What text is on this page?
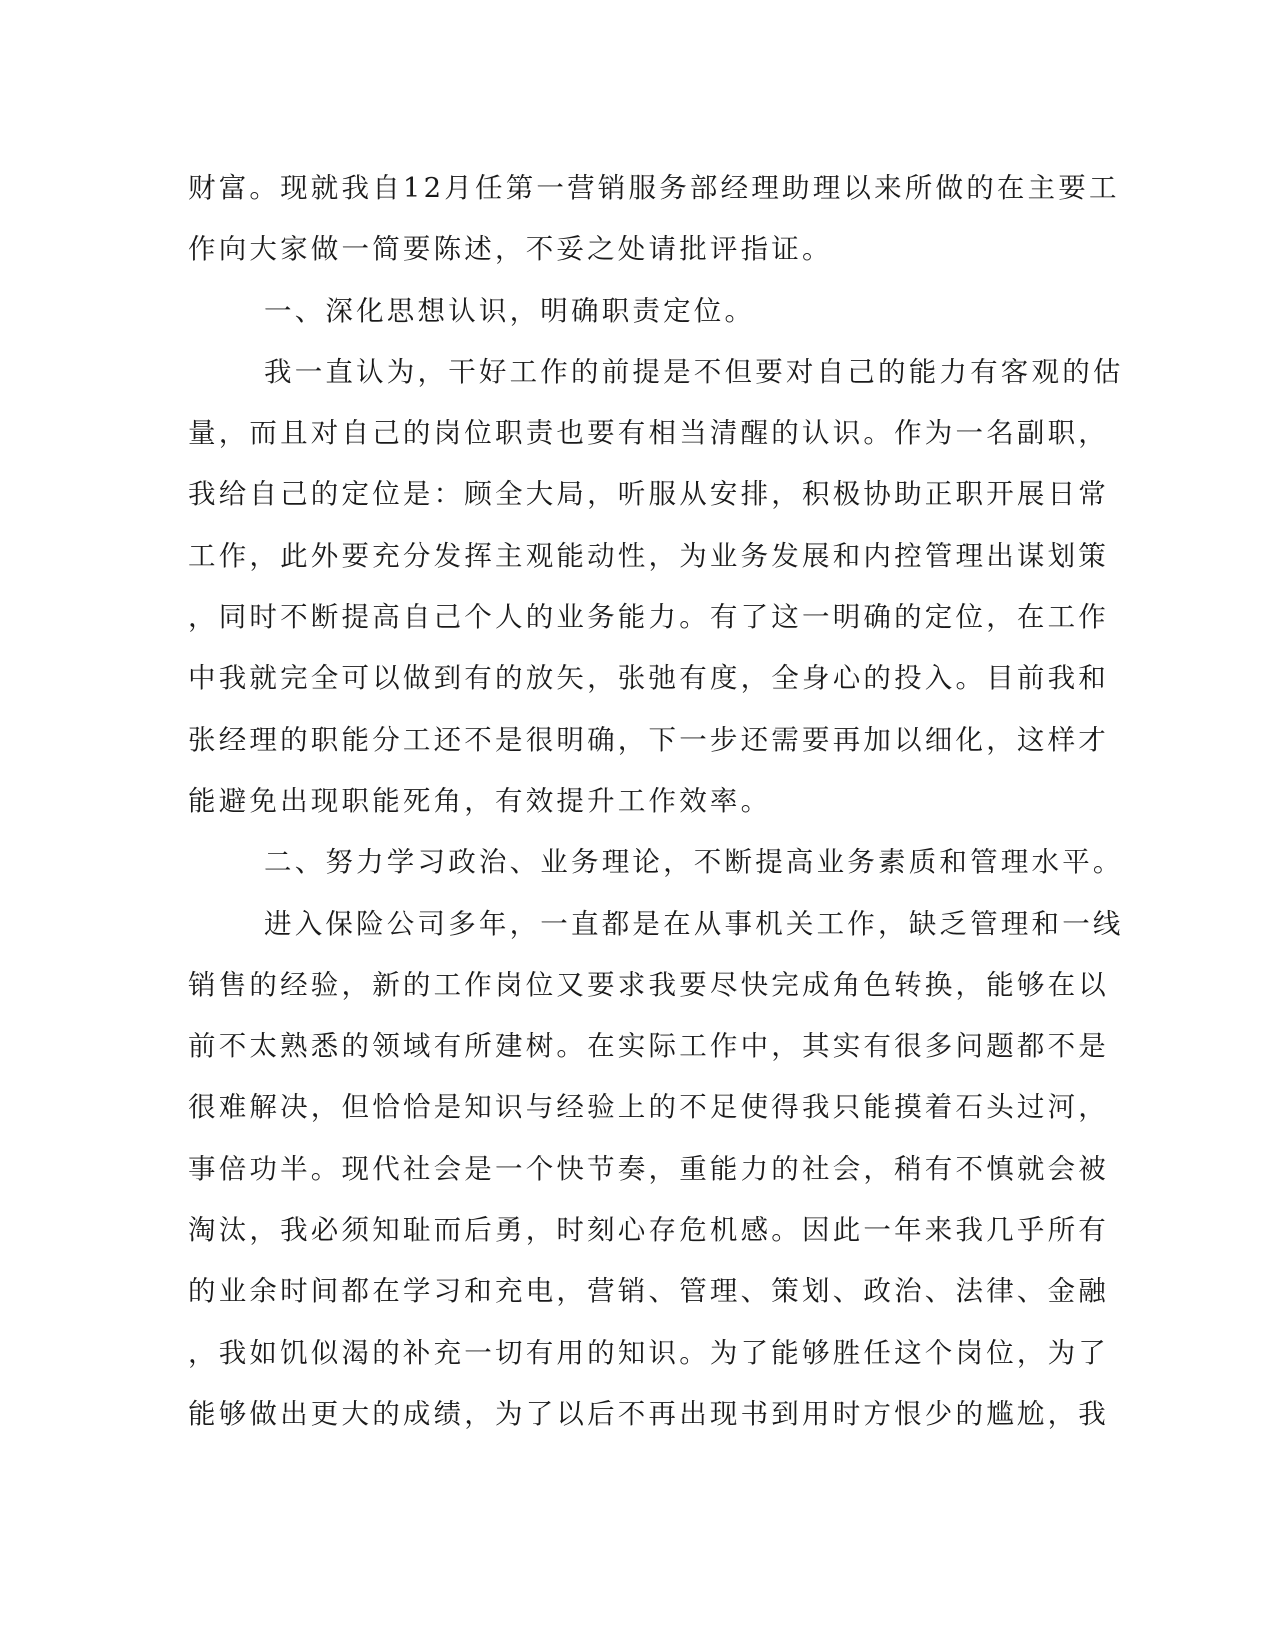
财富。现就我自12月任第一营销服务部经理助理以来所做的在主要工
作向大家做一简要陈述，不妥之处请批评指证。
一、深化思想认识，明确职责定位。
我一直认为，干好工作的前提是不但要对自己的能力有客观的估
量，而且对自己的岗位职责也要有相当清醒的认识。作为一名副职，
我给自己的定位是：顾全大局，听服从安排，积极协助正职开展日常
工作，此外要充分发挥主观能动性，为业务发展和内控管理出谋划策
，同时不断提高自己个人的业务能力。有了这一明确的定位，在工作
中我就完全可以做到有的放矢，张弛有度，全身心的投入。目前我和
张经理的职能分工还不是很明确，下一步还需要再加以细化，这样才
能避免出现职能死角，有效提升工作效率。
二、努力学习政治、业务理论，不断提高业务素质和管理水平。
进入保险公司多年，一直都是在从事机关工作，缺乏管理和一线
销售的经验，新的工作岗位又要求我要尽快完成角色转换，能够在以
前不太熟悉的领域有所建树。在实际工作中，其实有很多问题都不是
很难解决，但恰恰是知识与经验上的不足使得我只能摸着石头过河，
事倍功半。现代社会是一个快节奏，重能力的社会，稍有不慎就会被
淘汰，我必须知耻而后勇，时刻心存危机感。因此一年来我几乎所有
的业余时间都在学习和充电，营销、管理、策划、政治、法律、金融
，我如饥似渴的补充一切有用的知识。为了能够胜任这个岗位，为了
能够做出更大的成绩，为了以后不再出现书到用时方恨少的尴尬，我
